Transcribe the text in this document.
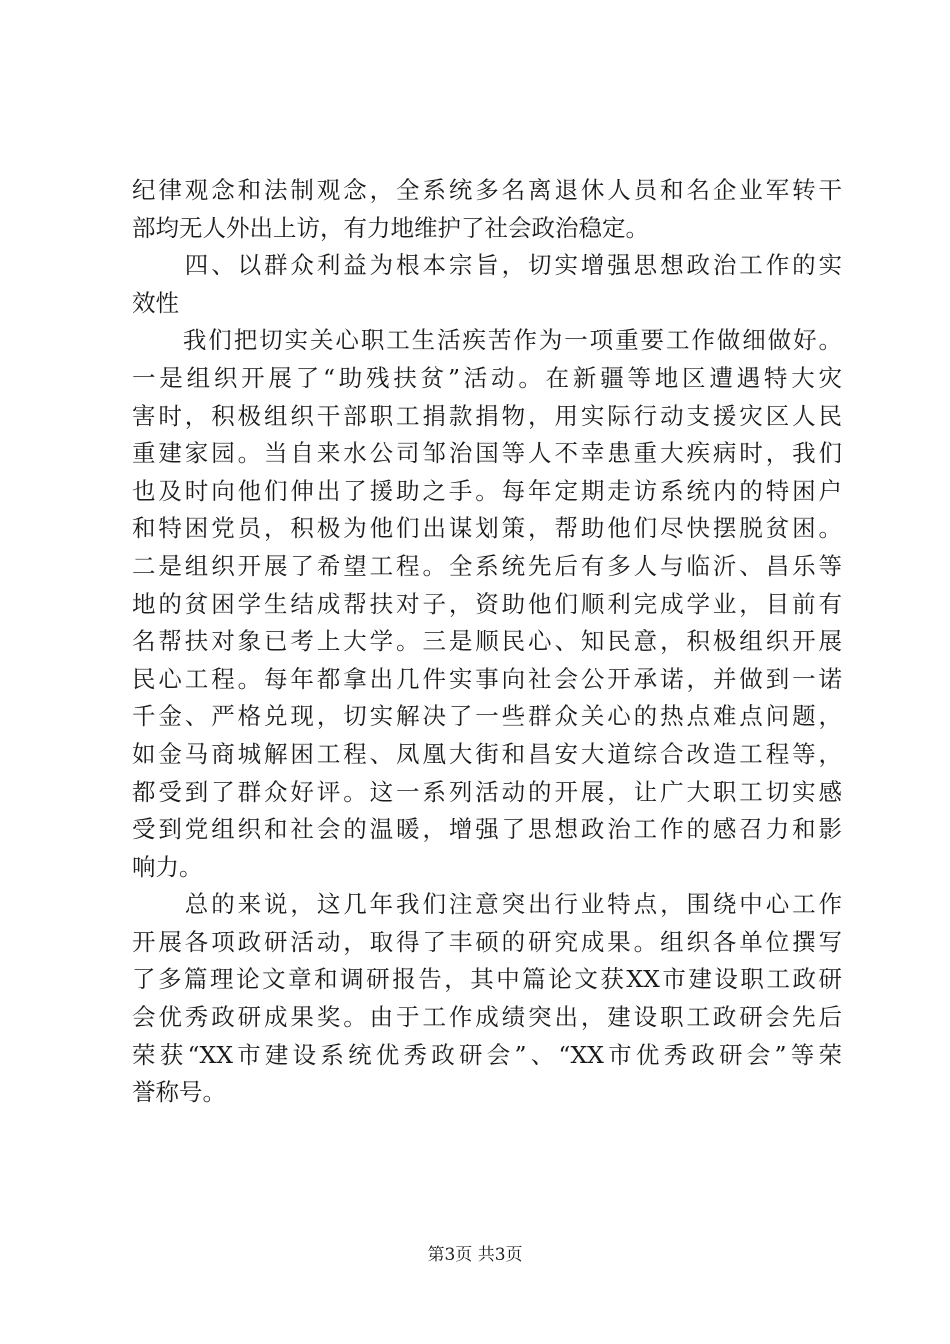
纪律观念和法制观念，全系统多名离退休人员和名企业军转干
部均无人外出上访，有力地维护了社会政治稳定。
　　四、以群众利益为根本宗旨，切实增强思想政治工作的实
效性
　　我们把切实关心职工生活疾苦作为一项重要工作做细做好。
一是组织开展了“助残扶贫”活动。在新疆等地区遭遇特大灾
害时，积极组织干部职工捐款捐物，用实际行动支援灾区人民
重建家园。当自来水公司邹治国等人不幸患重大疾病时，我们
也及时向他们伸出了援助之手。每年定期走访系统内的特困户
和特困党员，积极为他们出谋划策，帮助他们尽快摆脱贫困。
二是组织开展了希望工程。全系统先后有多人与临沂、昌乐等
地的贫困学生结成帮扶对子，资助他们顺利完成学业，目前有
名帮扶对象已考上大学。三是顺民心、知民意，积极组织开展
民心工程。每年都拿出几件实事向社会公开承诺，并做到一诺
千金、严格兑现，切实解决了一些群众关心的热点难点问题，
如金马商城解困工程、凤凰大街和昌安大道综合改造工程等，
都受到了群众好评。这一系列活动的开展，让广大职工切实感
受到党组织和社会的温暖，增强了思想政治工作的感召力和影
响力。
　　总的来说，这几年我们注意突出行业特点，围绕中心工作
开展各项政研活动，取得了丰硕的研究成果。组织各单位撰写
了多篇理论文章和调研报告，其中篇论文获XX市建设职工政研
会优秀政研成果奖。由于工作成绩突出，建设职工政研会先后
荣获“XX市建设系统优秀政研会”、“XX市优秀政研会”等荣
誉称号。
第3页 共3页
